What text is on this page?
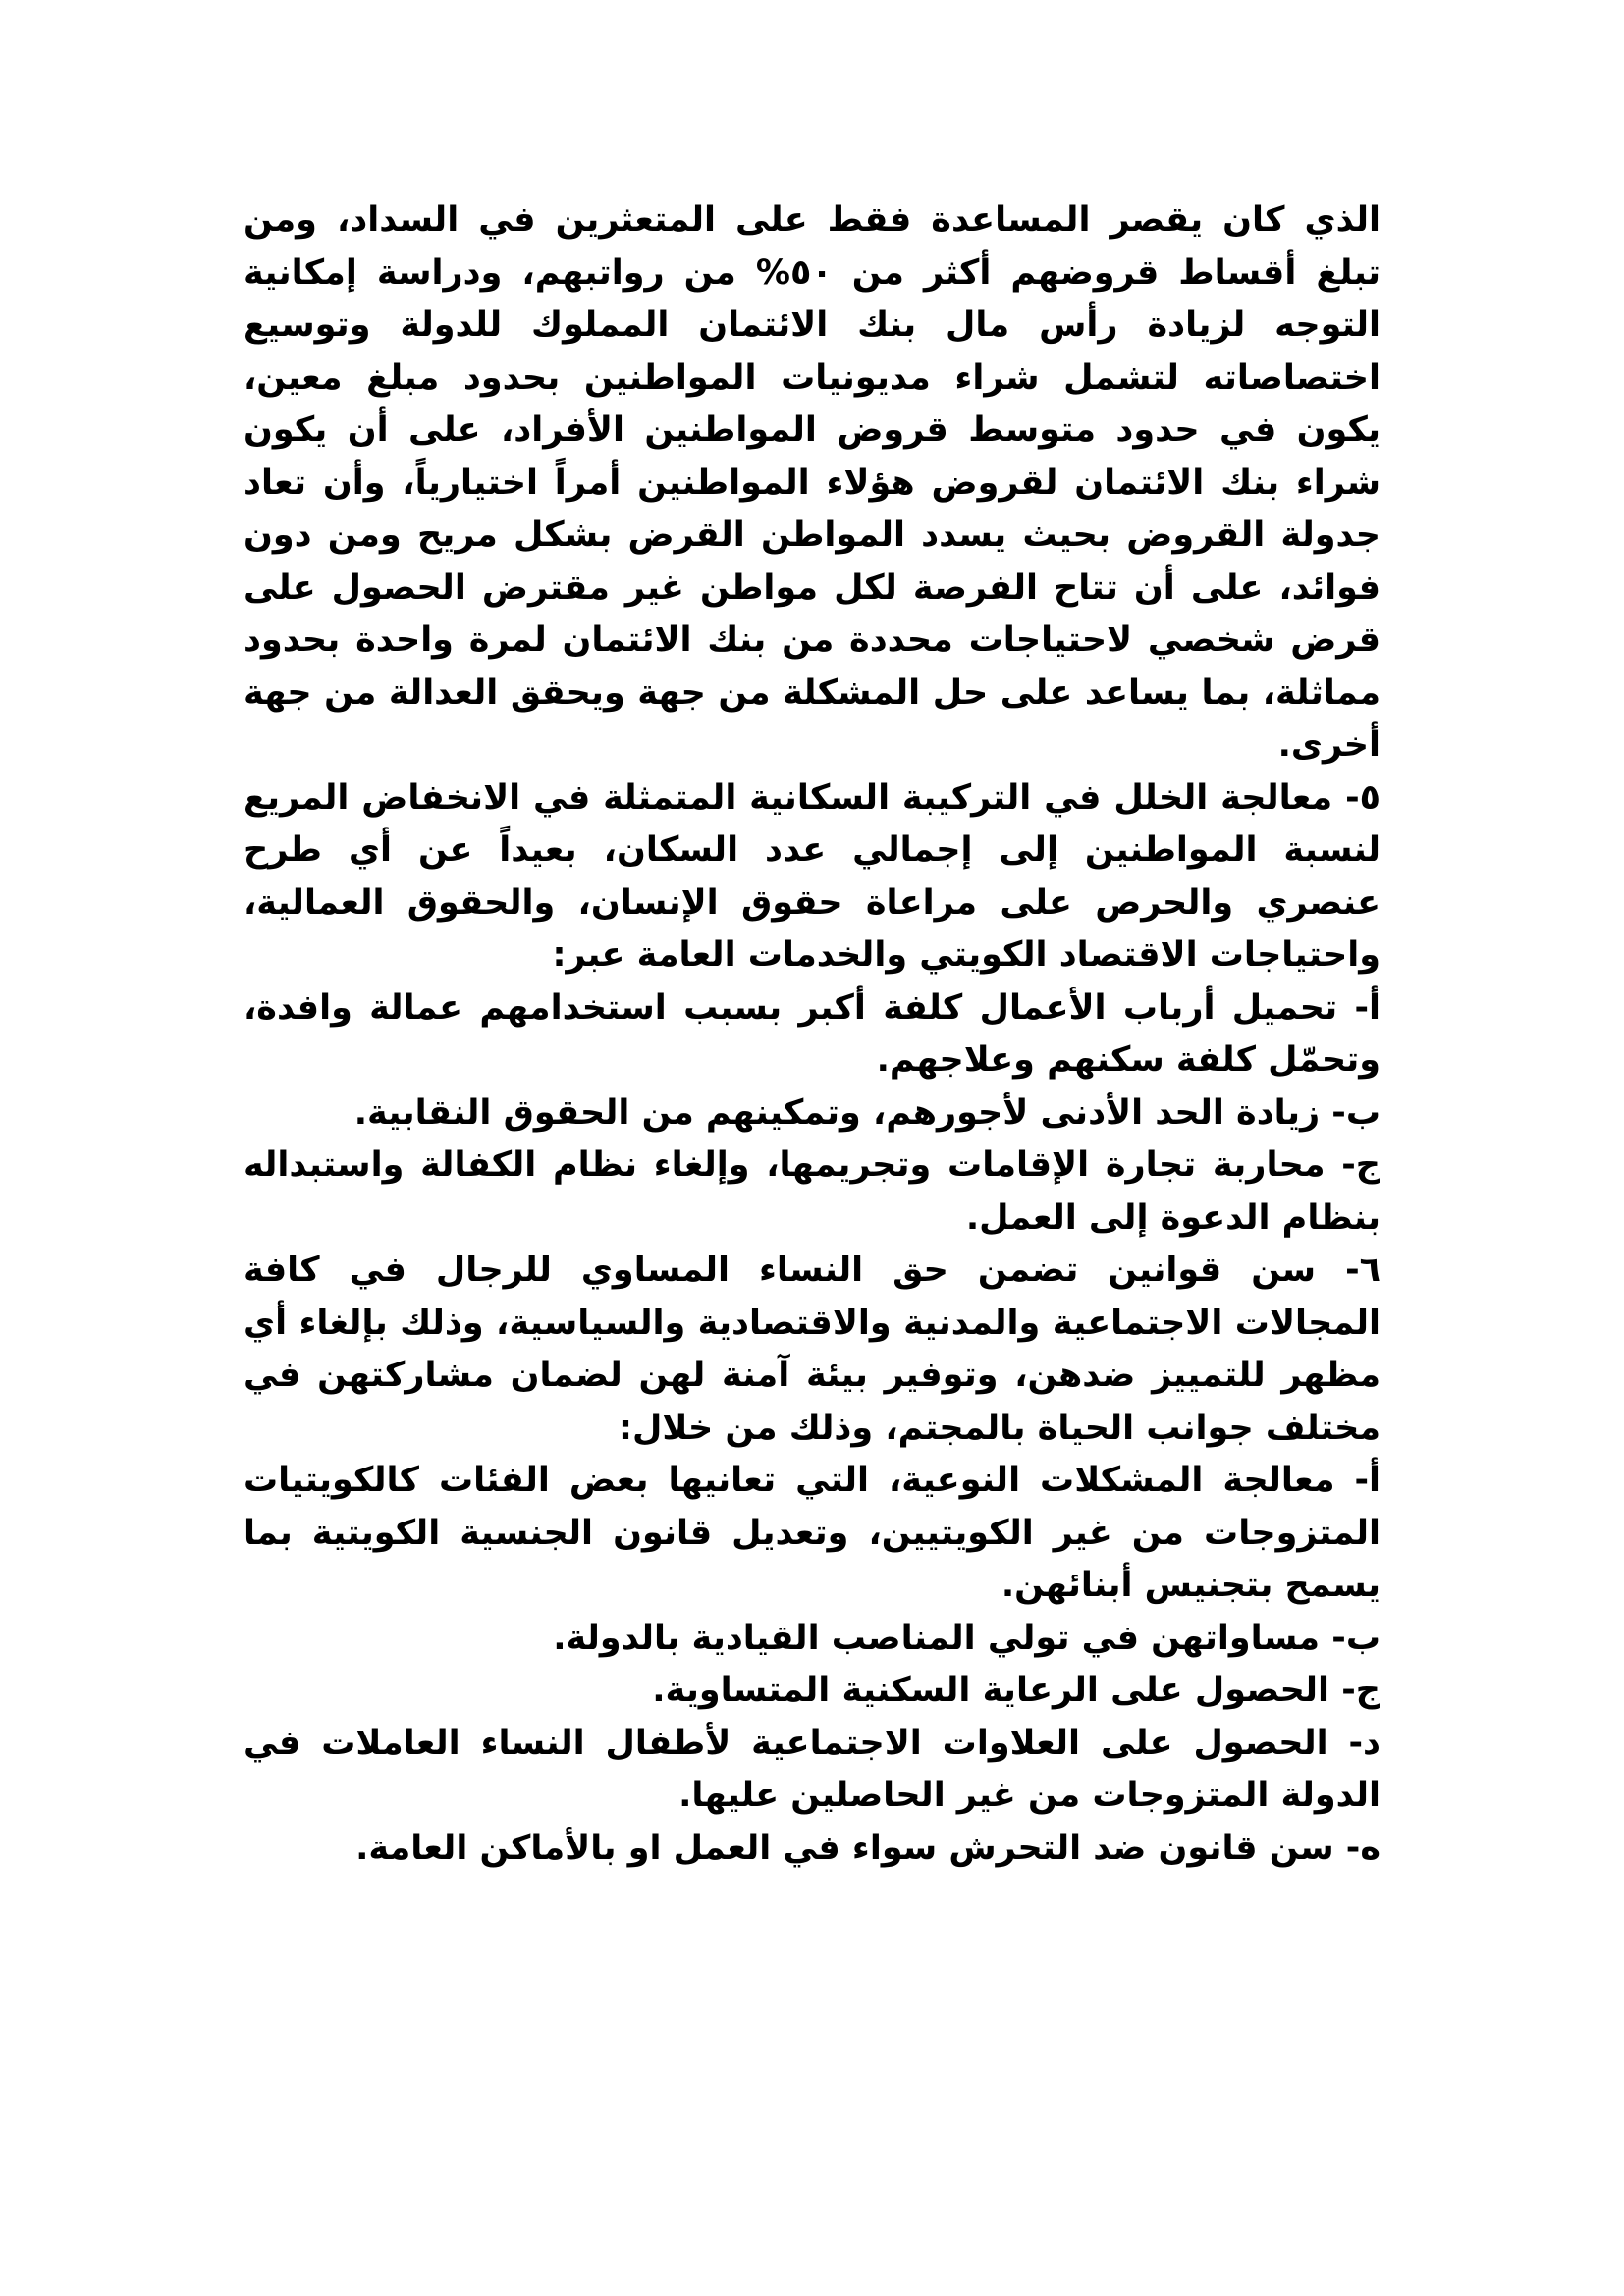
الذي كان يقصر المساعدة فقط على المتعثرين في السداد، ومن تبلغ أقساط قروضهم أكثر من ٥٠% من رواتبهم، ودراسة إمكانية التوجه لزيادة رأس مال بنك الائتمان المملوك للدولة وتوسيع اختصاصاته لتشمل شراء مديونيات المواطنين بحدود مبلغ معين، يكون في حدود متوسط قروض المواطنين الأفراد، على أن يكون شراء بنك الائتمان لقروض هؤلاء المواطنين أمراً اختيارياً، وأن تعاد جدولة القروض بحيث يسدد المواطن القرض بشكل مريح ومن دون فوائد، على أن تتاح الفرصة لكل مواطن غير مقترض الحصول على قرض شخصي لاحتياجات محددة من بنك الائتمان لمرة واحدة بحدود مماثلة، بما يساعد على حل المشكلة من جهة ويحقق العدالة من جهة أخرى.

٥- معالجة الخلل في التركيبة السكانية المتمثلة في الانخفاض المريع لنسبة المواطنين إلى إجمالي عدد السكان، بعيداً عن أي طرح عنصري والحرص على مراعاة حقوق الإنسان، والحقوق العمالية، واحتياجات الاقتصاد الكويتي والخدمات العامة عبر:

أ- تحميل أرباب الأعمال كلفة أكبر بسبب استخدامهم عمالة وافدة، وتحمّل كلفة سكنهم وعلاجهم.

ب- زيادة الحد الأدنى لأجورهم، وتمكينهم من الحقوق النقابية.

ج- محاربة تجارة الإقامات وتجريمها، وإلغاء نظام الكفالة واستبداله بنظام الدعوة إلى العمل.

٦- سن قوانين تضمن حق النساء المساوي للرجال في كافة المجالات الاجتماعية والمدنية والاقتصادية والسياسية، وذلك بإلغاء أي مظهر للتمييز ضدهن، وتوفير بيئة آمنة لهن لضمان مشاركتهن في مختلف جوانب الحياة بالمجتم، وذلك من خلال:

أ- معالجة المشكلات النوعية، التي تعانيها بعض الفئات كالكويتيات المتزوجات من غير الكويتيين، وتعديل قانون الجنسية الكويتية بما يسمح بتجنيس أبنائهن.

ب- مساواتهن في تولي المناصب القيادية بالدولة.

ج- الحصول على الرعاية السكنية المتساوية.

د- الحصول على العلاوات الاجتماعية لأطفال النساء العاملات في الدولة المتزوجات من غير الحاصلين عليها.

ه- سن قانون ضد التحرش سواء في العمل او بالأماكن العامة.
